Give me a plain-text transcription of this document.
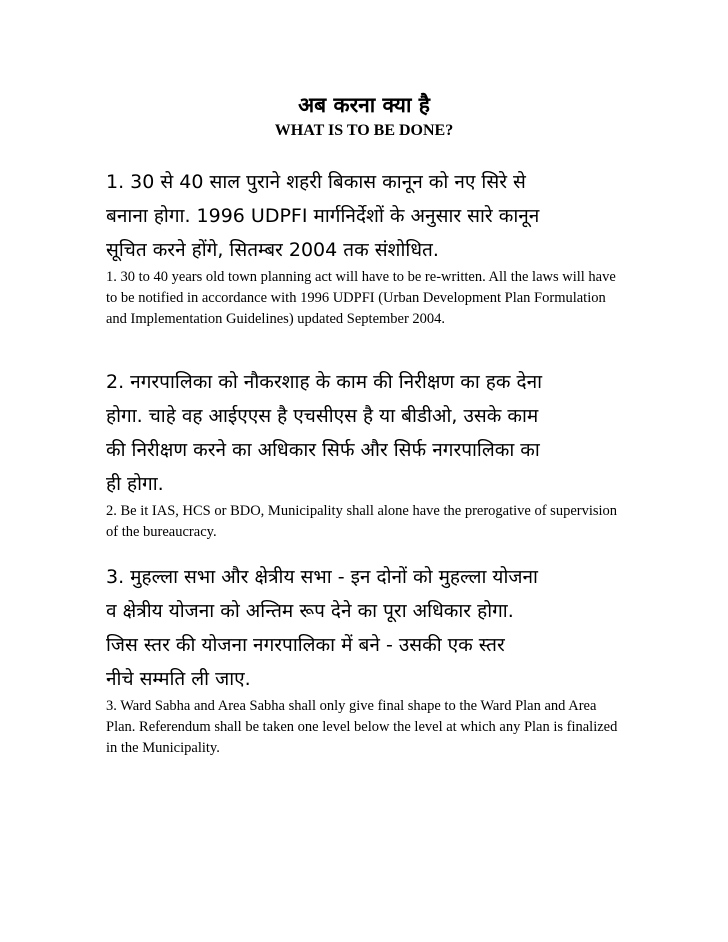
अब करना क्या है
WHAT IS TO BE DONE?

1. 30 से 40 साल पुराने शहरी बिकास कानून को नए सिरे से

बनाना होगा. 1996 UDPFI मार्गनिर्देशों के अनुसार सारे कानून

सूचित करने होंगे, सितम्बर 2004 तक संशोधित.

1. 30 to 40 years old town planning act will have to be re-written. All the laws will have to be notified in accordance with 1996 UDPFI (Urban Development Plan Formulation and Implementation Guidelines) updated September 2004.

2. नगरपालिका को नौकरशाह के काम की निरीक्षण का हक देना

होगा. चाहे वह आईएएस है एचसीएस है या बीडीओ, उसके काम

की निरीक्षण करने का अधिकार सिर्फ और सिर्फ नगरपालिका का

ही होगा.

2. Be it IAS, HCS or BDO, Municipality shall alone have the prerogative of supervision of the bureaucracy.

3. मुहल्ला सभा और क्षेत्रीय सभा - इन दोनों को मुहल्ला योजना

व क्षेत्रीय योजना को अन्तिम रूप देने का पूरा अधिकार होगा.

जिस स्तर की योजना नगरपालिका में बने - उसकी एक स्तर

नीचे सम्मति ली जाए.

3. Ward Sabha and Area Sabha shall only give final shape to the Ward Plan and Area Plan. Referendum shall be taken one level below the level at which any Plan is finalized in the Municipality.
